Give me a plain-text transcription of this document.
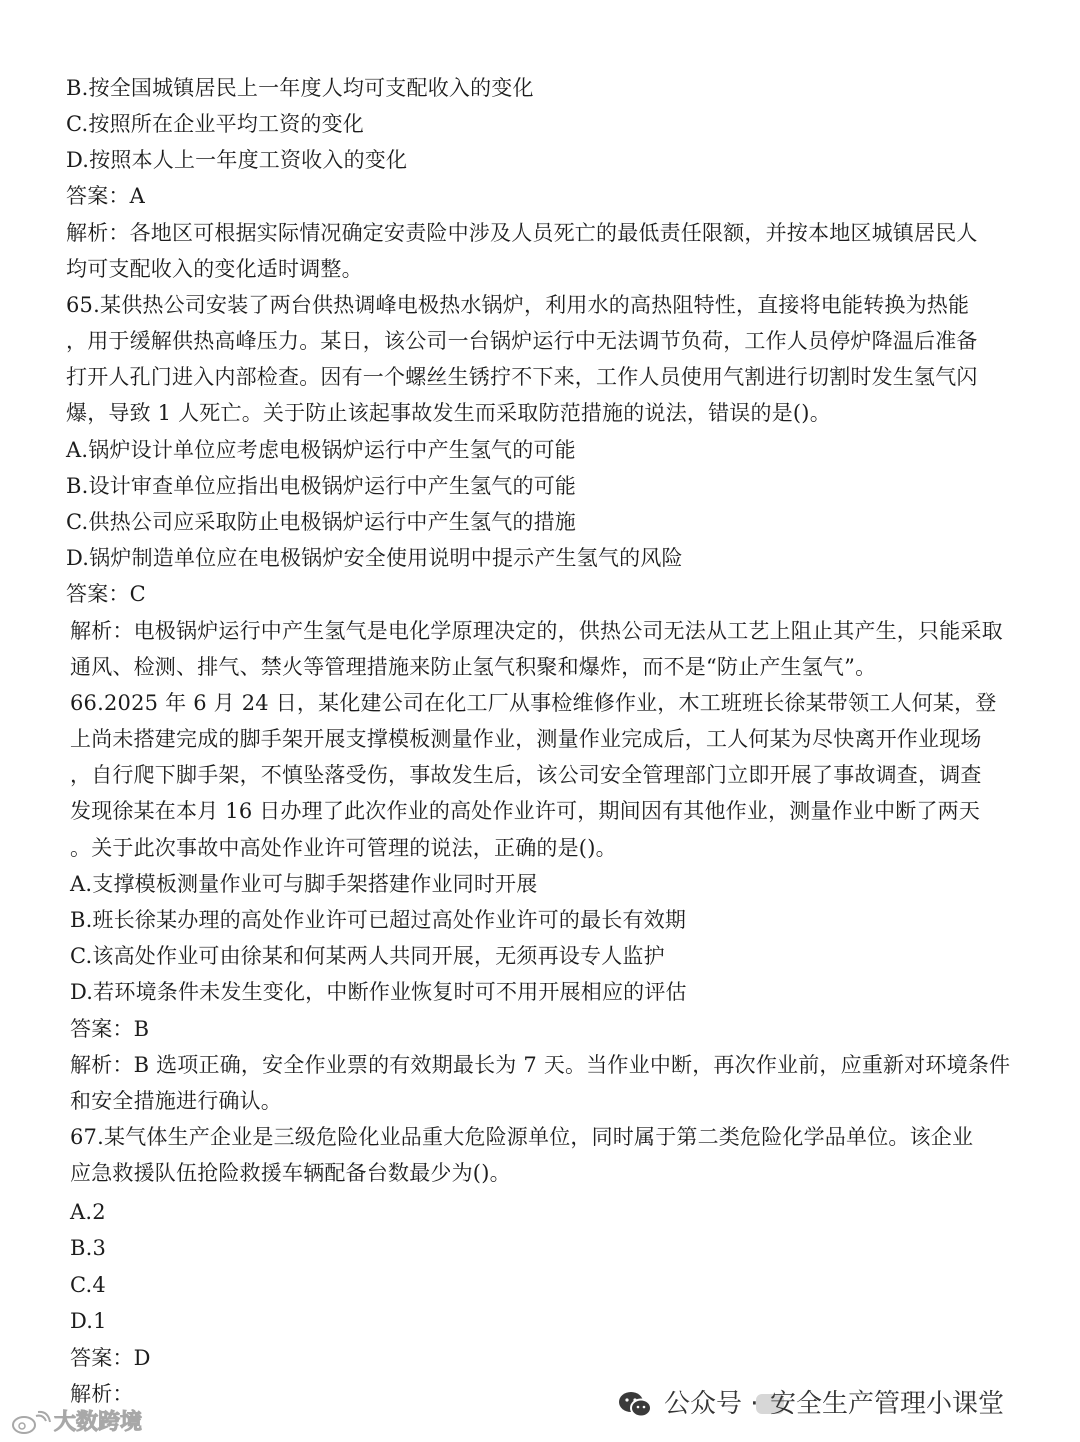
B.按全国城镇居民上一年度人均可支配收入的变化
C.按照所在企业平均工资的变化
D.按照本人上一年度工资收入的变化
答案：A
解析：各地区可根据实际情况确定安责险中涉及人员死亡的最低责任限额，并按本地区城镇居民人
均可支配收入的变化适时调整。
65.某供热公司安装了两台供热调峰电极热水锅炉，利用水的高热阻特性，直接将电能转换为热能
，用于缓解供热高峰压力。某日，该公司一台锅炉运行中无法调节负荷，工作人员停炉降温后准备
打开人孔门进入内部检查。因有一个螺丝生锈拧不下来，工作人员使用气割进行切割时发生氢气闪
爆，导致 1 人死亡。关于防止该起事故发生而采取防范措施的说法，错误的是()。
A.锅炉设计单位应考虑电极锅炉运行中产生氢气的可能
B.设计审查单位应指出电极锅炉运行中产生氢气的可能
C.供热公司应采取防止电极锅炉运行中产生氢气的措施
D.锅炉制造单位应在电极锅炉安全使用说明中提示产生氢气的风险
答案：C
解析：电极锅炉运行中产生氢气是电化学原理决定的，供热公司无法从工艺上阻止其产生，只能采取
通风、检测、排气、禁火等管理措施来防止氢气积聚和爆炸，而不是“防止产生氢气”。
66.2025 年 6 月 24 日，某化建公司在化工厂从事检维修作业，木工班班长徐某带领工人何某，登
上尚未搭建完成的脚手架开展支撑模板测量作业，测量作业完成后，工人何某为尽快离开作业现场
，自行爬下脚手架，不慎坠落受伤，事故发生后，该公司安全管理部门立即开展了事故调查，调查
发现徐某在本月 16 日办理了此次作业的高处作业许可，期间因有其他作业，测量作业中断了两天
。关于此次事故中高处作业许可管理的说法，正确的是()。
A.支撑模板测量作业可与脚手架搭建作业同时开展
B.班长徐某办理的高处作业许可已超过高处作业许可的最长有效期
C.该高处作业可由徐某和何某两人共同开展，无须再设专人监护
D.若环境条件未发生变化，中断作业恢复时可不用开展相应的评估
答案：B
解析：B 选项正确，安全作业票的有效期最长为 7 天。当作业中断，再次作业前，应重新对环境条件
和安全措施进行确认。
67.某气体生产企业是三级危险化业品重大危险源单位，同时属于第二类危险化学品单位。该企业
应急救援队伍抢险救援车辆配备台数最少为()。
A.2
B.3
C.4
D.1
答案：D
解析：
大数跨境
公众号 · 安全生产管理小课堂
